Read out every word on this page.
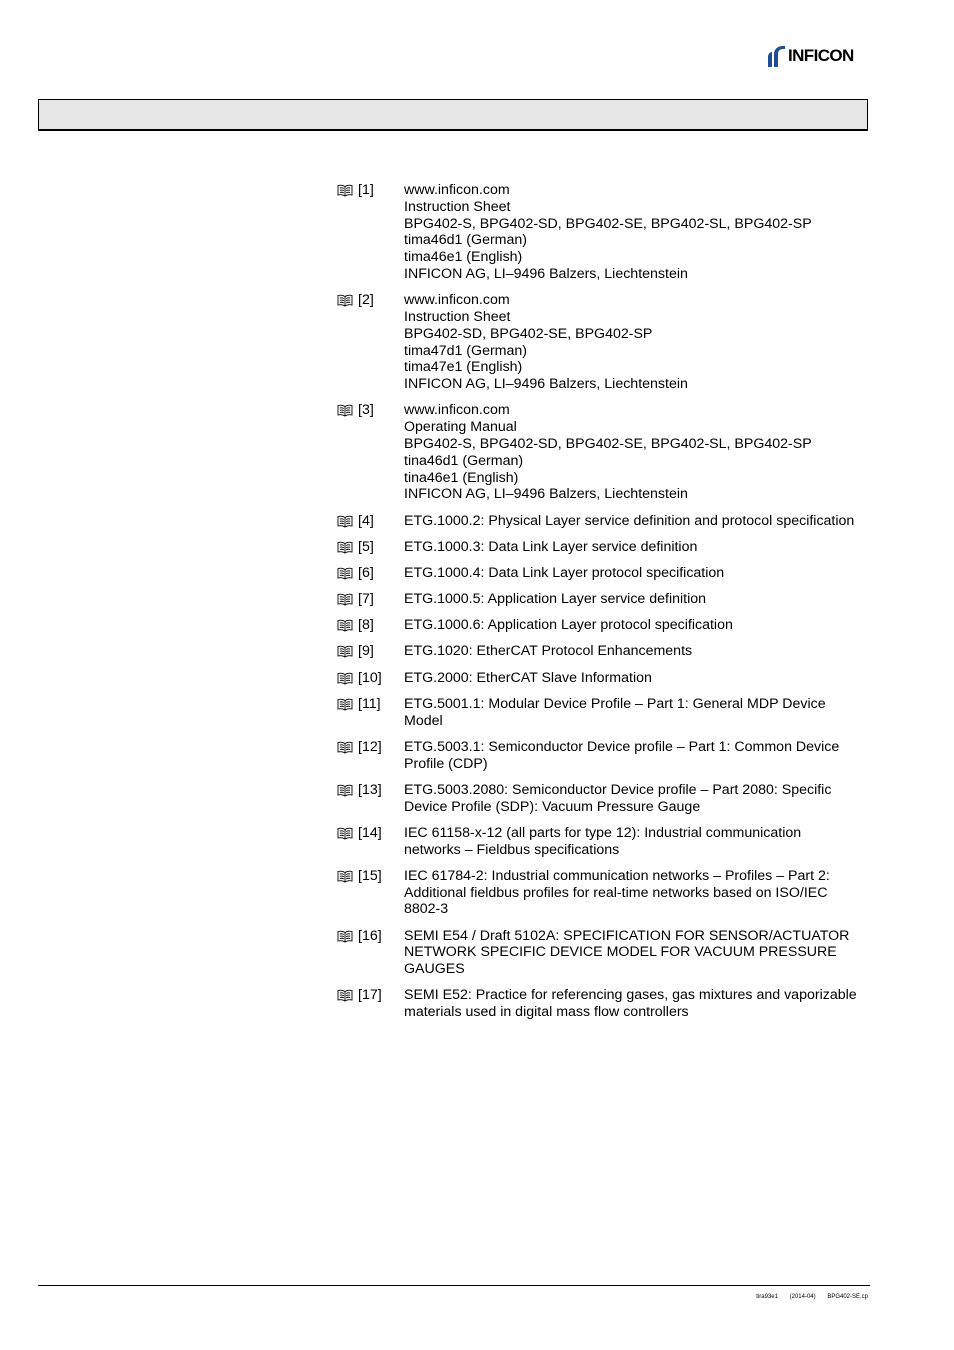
INFICON
[1] www.inficon.com
Instruction Sheet
BPG402-S, BPG402-SD, BPG402-SE, BPG402-SL, BPG402-SP
tima46d1 (German)
tima46e1 (English)
INFICON AG, LI–9496 Balzers, Liechtenstein
[2] www.inficon.com
Instruction Sheet
BPG402-SD, BPG402-SE, BPG402-SP
tima47d1 (German)
tima47e1 (English)
INFICON AG, LI–9496 Balzers, Liechtenstein
[3] www.inficon.com
Operating Manual
BPG402-S, BPG402-SD, BPG402-SE, BPG402-SL, BPG402-SP
tina46d1 (German)
tina46e1 (English)
INFICON AG, LI–9496 Balzers, Liechtenstein
[4] ETG.1000.2: Physical Layer service definition and protocol specification
[5] ETG.1000.3: Data Link Layer service definition
[6] ETG.1000.4: Data Link Layer protocol specification
[7] ETG.1000.5: Application Layer service definition
[8] ETG.1000.6: Application Layer protocol specification
[9] ETG.1020: EtherCAT Protocol Enhancements
[10] ETG.2000: EtherCAT Slave Information
[11] ETG.5001.1: Modular Device Profile – Part 1: General MDP Device
Model
[12] ETG.5003.1: Semiconductor Device profile – Part 1: Common Device
Profile (CDP)
[13] ETG.5003.2080: Semiconductor Device profile – Part 2080: Specific
Device Profile (SDP): Vacuum Pressure Gauge
[14] IEC 61158-x-12 (all parts for type 12): Industrial communication
networks – Fieldbus specifications
[15] IEC 61784-2: Industrial communication networks – Profiles – Part 2:
Additional fieldbus profiles for real-time networks based on ISO/IEC
8802-3
[16] SEMI E54 / Draft 5102A: SPECIFICATION FOR SENSOR/ACTUATOR
NETWORK SPECIFIC DEVICE MODEL FOR VACUUM PRESSURE
GAUGES
[17] SEMI E52: Practice for referencing gases, gas mixtures and vaporizable
materials used in digital mass flow controllers
tira93e1 (2014-04) BPG402-SE.cp
